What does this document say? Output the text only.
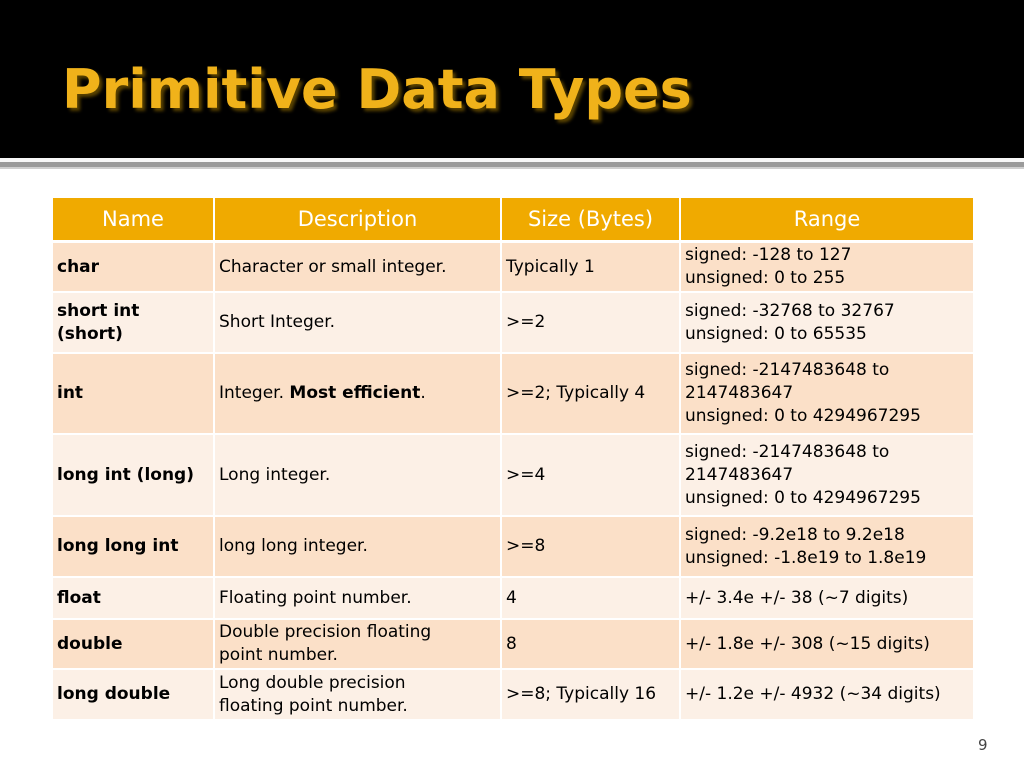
Primitive Data Types
Name	Description	Size (Bytes)	Range
char	Character or small integer.	Typically 1	signed: -128 to 127
unsigned: 0 to 255

short int (short)	Short Integer.	>=2	signed: -32768 to 32767
unsigned: 0 to 65535

int	Integer. Most efficient.	>=2; Typically 4	signed: -2147483648 to
2147483647
unsigned: 0 to 4294967295

long int (long)	Long integer.	>=4	signed: -2147483648 to
2147483647
unsigned: 0 to 4294967295

long long int	long long integer.	>=8	signed: -9.2e18 to 9.2e18
unsigned: -1.8e19 to 1.8e19

float	Floating point number.	4	+/- 3.4e +/- 38 (~7 digits)

double	Double precision floating
point number.	8	+/- 1.8e +/- 308 (~15 digits)

long double	Long double precision
floating point number.	>=8; Typically 16	+/- 1.2e +/- 4932 (~34 digits)
9
